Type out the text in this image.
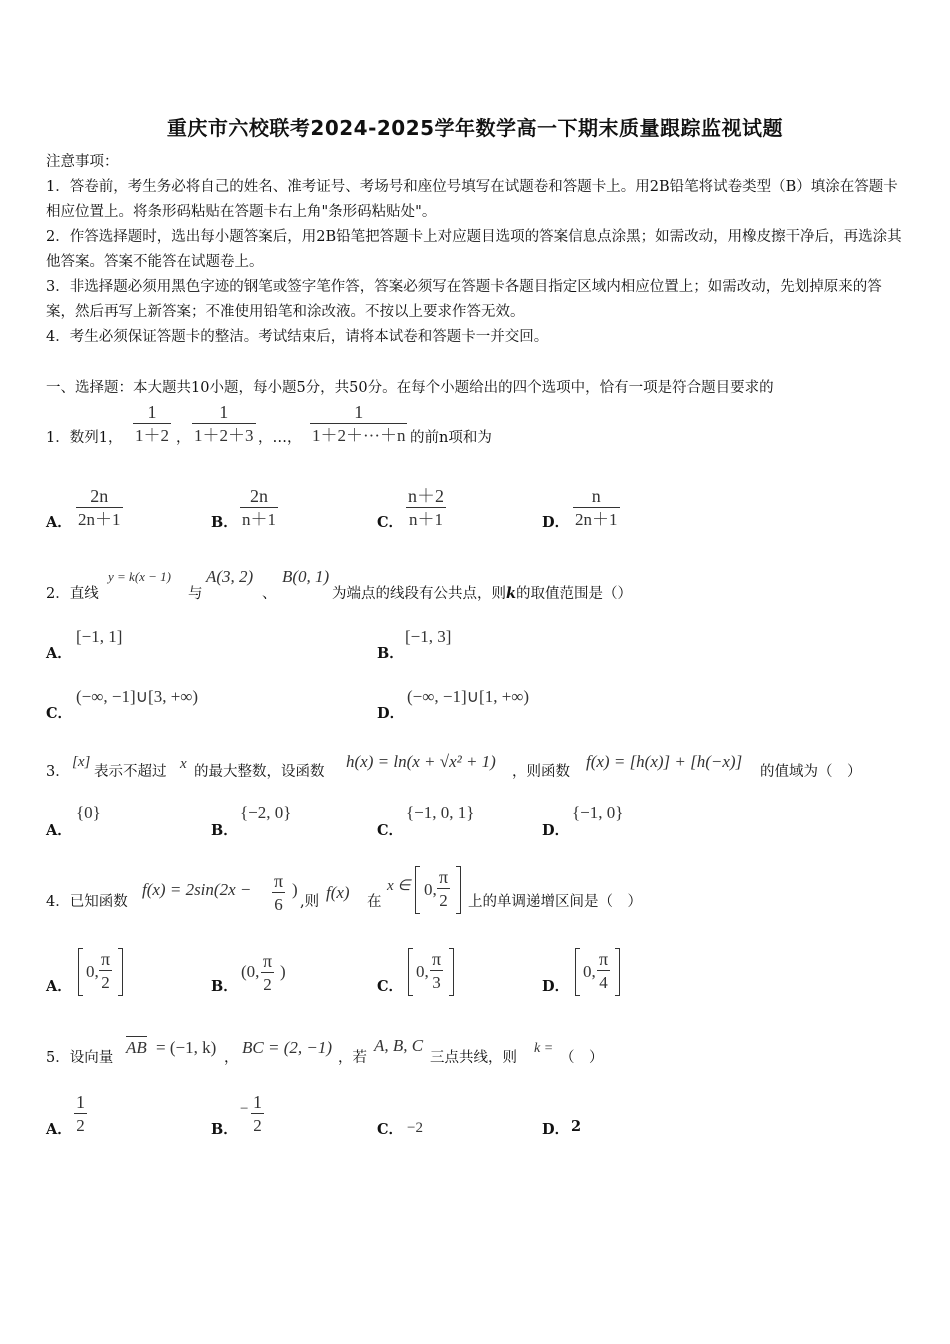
重庆市六校联考2024-2025学年数学高一下期末质量跟踪监视试题
注意事项：
1．答卷前，考生务必将自己的姓名、准考证号、考场号和座位号填写在试题卷和答题卡上。用2B铅笔将试卷类型（B）填涂在答题卡相应位置上。将条形码粘贴在答题卡右上角"条形码粘贴处"。
2．作答选择题时，选出每小题答案后，用2B铅笔把答题卡上对应题目选项的答案信息点涂黑；如需改动，用橡皮擦干净后，再选涂其他答案。答案不能答在试题卷上。
3．非选择题必须用黑色字迹的钢笔或签字笔作答，答案必须写在答题卡各题目指定区域内相应位置上；如需改动，先划掉原来的答案，然后再写上新答案；不准使用铅笔和涂改液。不按以上要求作答无效。
4．考生必须保证答题卡的整洁。考试结束后，请将本试卷和答题卡一并交回。
一、选择题：本大题共10小题，每小题5分，共50分。在每个小题给出的四个选项中，恰有一项是符合题目要求的
1．数列1， $\frac{1}{1+2}$ ， $\frac{1}{1+2+3}$ ，…， $\frac{1}{1+2+\cdot\cdot\cdot+n}$ 的前n项和为
A． $\frac{2n}{2n+1}$	B． $\frac{2n}{n+1}$	C． $\frac{n+2}{n+1}$	D． $\frac{n}{2n+1}$
2．直线
y = k(x − 1)
与
A(3, 2)
、
B(0, 1)
为端点的线段有公共点，则k的取值范围是（）
A．
[−1, 1]
B．
[−1, 3]
C．
(−∞, −1]∪[3, +∞)
D．
(−∞, −1]∪[1, +∞)
3．
[x]
表示不超过 x 的最大整数，设函数
h(x) = ln(x + √x² + 1)
，则函数
f(x) = [h(x)] + [h(−x)]
的值域为（　）
A．
{0}
B．
{−2, 0}
C．
{−1, 0, 1}
D．
{−1, 0}
4．已知函数
$f(x) = 2\sin(2x - \frac{\pi}{6}$ )
,则 f(x) 在
x ∈ 0, $\frac{\pi}{2}$ 上的单调递增区间是（　）
A．
0, $\frac{\pi}{2}$	B．
(0, $\frac{\pi}{2}$ )
C．
0, $\frac{\pi}{3}$	D．
0, $\frac{\pi}{4}$
5．设向量
AB = (−1, k)
，
BC = (2, −1)
，若
A, B, C
三点共线，则
k =
（　）
A． $\frac{1}{2}$	B．
− $\frac{1}{2}$	C． −2	D． 2
